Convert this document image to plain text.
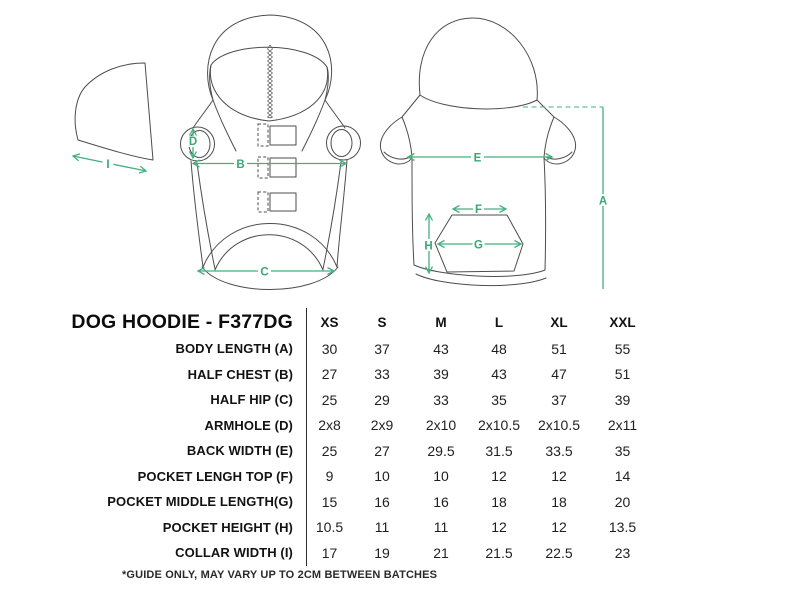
I
D
B
C
E
F
G
H
A
DOG HOODIE - F377DG	XS	S	M	L	XL	XXL
BODY LENGTH (A)	30	37	43	48	51	55
HALF CHEST (B)	27	33	39	43	47	51
HALF HIP (C)	25	29	33	35	37	39
ARMHOLE (D)	2x8	2x9	2x10	2x10.5	2x10.5	2x11
BACK WIDTH (E)	25	27	29.5	31.5	33.5	35
POCKET LENGH TOP (F)	9	10	10	12	12	14
POCKET MIDDLE LENGTH(G)	15	16	16	18	18	20
POCKET HEIGHT (H)	10.5	11	11	12	12	13.5
COLLAR WIDTH (I)	17	19	21	21.5	22.5	23
*GUIDE ONLY, MAY VARY UP TO 2CM BETWEEN BATCHES
